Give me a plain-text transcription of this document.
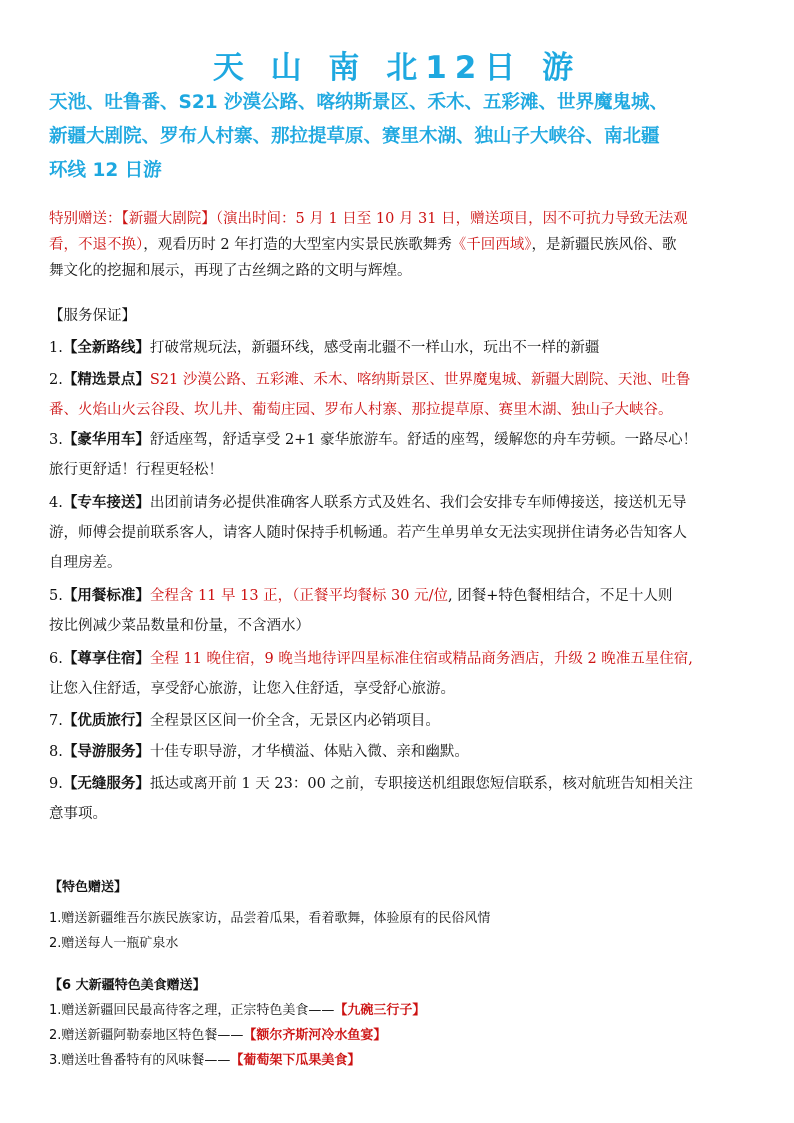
天 山 南 北12日 游
天池、吐鲁番、S21 沙漠公路、喀纳斯景区、禾木、五彩滩、世界魔鬼城、
新疆大剧院、罗布人村寨、那拉提草原、赛里木湖、独山子大峡谷、南北疆
环线 12 日游
特别赠送：【新疆大剧院】（演出时间：5 月 1 日至 10 月 31 日，赠送项目，因不可抗力导致无法观
看，不退不换），观看历时 2 年打造的大型室内实景民族歌舞秀《千回西域》，是新疆民族风俗、歌
舞文化的挖掘和展示，再现了古丝绸之路的文明与辉煌。
【服务保证】
1.【全新路线】打破常规玩法，新疆环线，感受南北疆不一样山水，玩出不一样的新疆
2.【精选景点】S21 沙漠公路、五彩滩、禾木、喀纳斯景区、世界魔鬼城、新疆大剧院、天池、吐鲁
番、火焰山火云谷段、坎儿井、葡萄庄园、罗布人村寨、那拉提草原、赛里木湖、独山子大峡谷。
3.【豪华用车】舒适座驾，舒适享受 2+1 豪华旅游车。舒适的座驾，缓解您的舟车劳顿。一路尽心！
旅行更舒适！行程更轻松！
4.【专车接送】出团前请务必提供准确客人联系方式及姓名、我们会安排专车师傅接送，接送机无导
游，师傅会提前联系客人，请客人随时保持手机畅通。若产生单男单女无法实现拼住请务必告知客人
自理房差。
5.【用餐标准】全程含 11 早 13 正，（正餐平均餐标 30 元/位, 团餐+特色餐相结合，不足十人则
按比例减少菜品数量和份量，不含酒水）
6.【尊享住宿】全程 11 晚住宿，9 晚当地待评四星标准住宿或精品商务酒店，升级 2 晚准五星住宿,
让您入住舒适，享受舒心旅游，让您入住舒适，享受舒心旅游。
7.【优质旅行】全程景区区间一价全含，无景区内必销项目。
8.【导游服务】十佳专职导游，才华横溢、体贴入微、亲和幽默。
9.【无缝服务】抵达或离开前 1 天 23：00 之前，专职接送机组跟您短信联系，核对航班告知相关注
意事项。
【特色赠送】
1.赠送新疆维吾尔族民族家访，品尝着瓜果，看着歌舞，体验原有的民俗风情
2.赠送每人一瓶矿泉水
【6 大新疆特色美食赠送】
1.赠送新疆回民最高待客之理，正宗特色美食——【九碗三行子】
2.赠送新疆阿勒泰地区特色餐——【额尔齐斯河冷水鱼宴】
3.赠送吐鲁番特有的风味餐——【葡萄架下瓜果美食】
